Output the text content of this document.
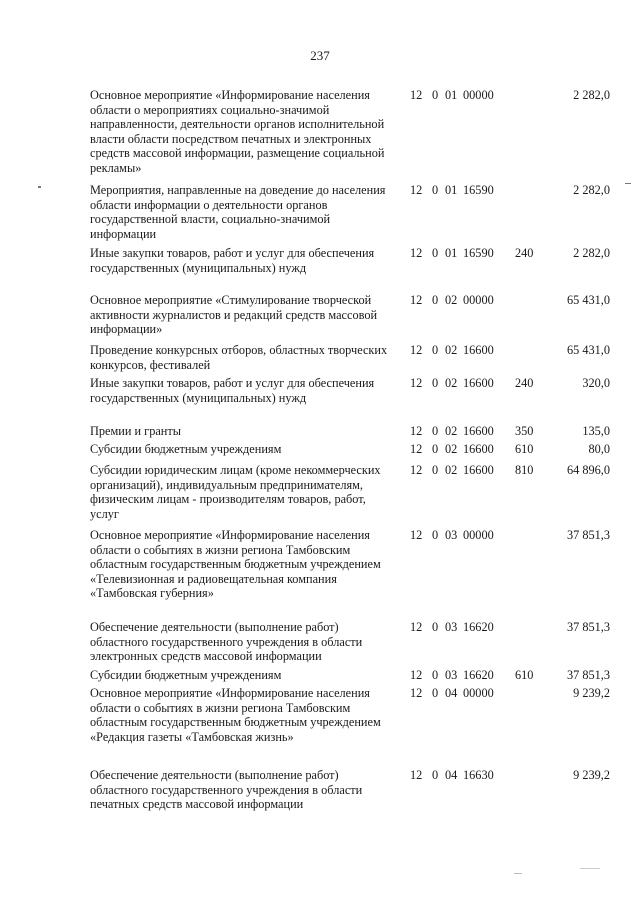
237
Основное мероприятие «Информирование населения области о мероприятиях социально-значимой направленности, деятельности органов исполнительной власти области посредством печатных и электронных средств массовой информации, размещение социальной рекламы»
12 0 01 00000	2 282,0
Мероприятия, направленные на доведение до населения области информации о деятельности органов государственной власти, социально-значимой информации
12 0 01 16590	2 282,0
Иные закупки товаров, работ и услуг для обеспечения государственных (муниципальных) нужд
12 0 01 16590 240	2 282,0
Основное мероприятие «Стимулирование творческой активности журналистов и редакций средств массовой информации»
12 0 02 00000	65 431,0
Проведение конкурсных отборов, областных творческих конкурсов, фестивалей
12 0 02 16600	65 431,0
Иные закупки товаров, работ и услуг для обеспечения государственных (муниципальных) нужд
12 0 02 16600 240	320,0
Премии и гранты	12 0 02 16600 350	135,0
Субсидии бюджетным учреждениям	12 0 02 16600 610	80,0
Субсидии юридическим лицам (кроме некоммерческих организаций), индивидуальным предпринимателям, физическим лицам - производителям товаров, работ, услуг
12 0 02 16600 810	64 896,0
Основное мероприятие «Информирование населения области о событиях в жизни региона Тамбовским областным государственным бюджетным учреждением «Телевизионная и радиовещательная компания «Тамбовская губерния»
12 0 03 00000	37 851,3
Обеспечение деятельности (выполнение работ) областного государственного учреждения в области электронных средств массовой информации
12 0 03 16620	37 851,3
Субсидии бюджетным учреждениям	12 0 03 16620 610	37 851,3
Основное мероприятие «Информирование населения области о событиях в жизни региона Тамбовским областным государственным бюджетным учреждением «Редакция газеты «Тамбовская жизнь»
12 0 04 00000	9 239,2
Обеспечение деятельности (выполнение работ) областного государственного учреждения в области печатных средств массовой информации
12 0 04 16630	9 239,2
